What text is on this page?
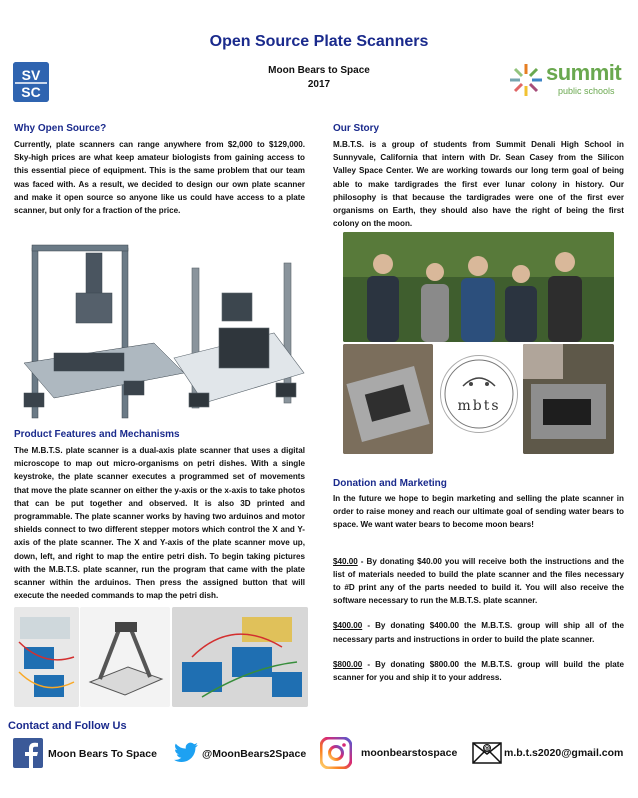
Open Source Plate Scanners
SV
SC
Moon Bears to Space
2017	summit
public schools
Why Open Source?
Currently, plate scanners can range anywhere from $2,000 to $129,000. Sky-high prices are what keep amateur biologists from gaining access to this essential piece of equipment. This is the same problem that our team was faced with. As a result, we decided to design our own plate scanner and make it open source so anyone like us could have access to a plate scanner, but only for a fraction of the price.
Our Story
M.B.T.S. is a group of students from Summit Denali High School in Sunnyvale, California that intern with Dr. Sean Casey from the Silicon Valley Space Center. We are working towards our long term goal of being able to make tardigrades the first ever lunar colony in history. Our philosophy is that because the tardigrades were one of the first ever organisms on Earth, they should also have the right of being the first colony on the moon.
mbts
Product Features and Mechanisms
The M.B.T.S. plate scanner is a dual-axis plate scanner that uses a digital microscope to map out micro-organisms on petri dishes. With a single keystroke, the plate scanner executes a programmed set of movements that move the plate scanner on either the y-axis or the x-axis to take photos that can be put together and observed. It is also 3D printed and programmable. The plate scanner works by having two arduinos and motor shields connect to two different stepper motors which control the X and Y-axis of the plate scanner. The X and Y-axis of the plate scanner move up, down, left, and right to map the entire petri dish. To begin taking pictures with the M.B.T.S. plate scanner, run the program that came with the plate scanner within the arduinos. Then press the assigned button that will execute the needed commands to map the petri dish.
Donation and Marketing

In the future we hope to begin marketing and selling the plate scanner in order to raise money and reach our ultimate goal of sending water bears to space. We want water bears to become moon bears!

$40.00 - By donating $40.00 you will receive both the instructions and the list of materials needed to build the plate scanner and the files necessary to #D print any of the parts needed to build it. You will also receive the software necessary to run the M.B.T.S. plate scanner.

$400.00 - By donating $400.00 the M.B.T.S. group will ship all of the necessary parts and instructions in order to build the plate scanner.

$800.00 - By donating $800.00 the M.B.T.S. group will build the plate scanner for you and ship it to your address.

Contact and Follow Us
Moon Bears To Space	@MoonBears2Space	moonbearstospace	@ m.b.t.s2020@gmail.com
